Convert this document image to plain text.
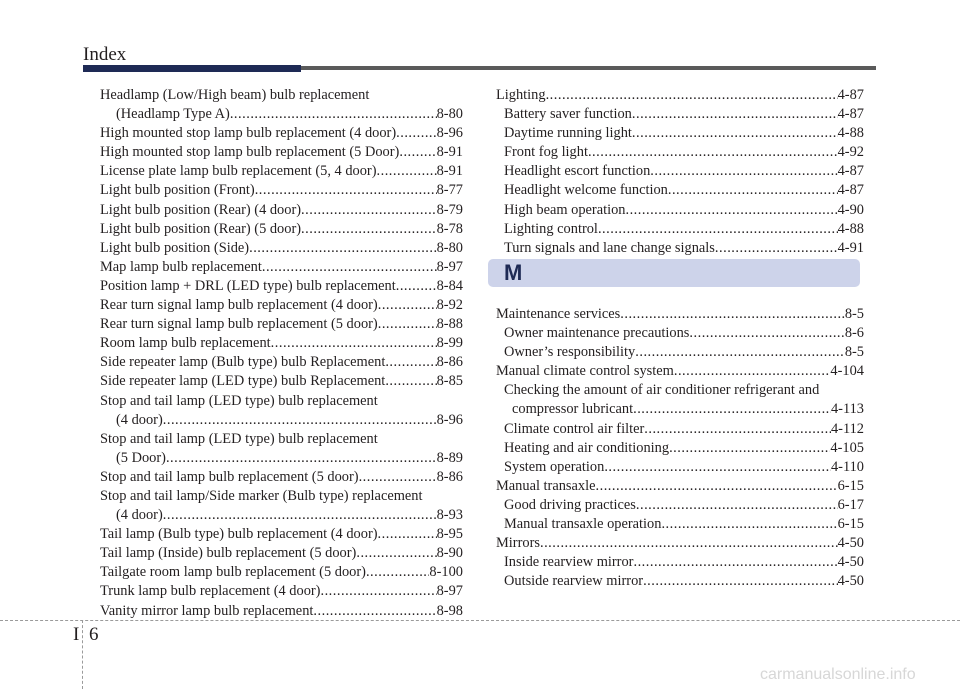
Index
Headlamp (Low/High beam) bulb replacement
(Headlamp Type A) .....	8-80
High mounted stop lamp bulb replacement (4 door) .....	8-96
High mounted stop lamp bulb replacement (5 Door) .....	8-91
License plate lamp bulb replacement (5, 4 door) .....	8-91
Light bulb position (Front) .....	8-77
Light bulb position (Rear) (4 door) .....	8-79
Light bulb position (Rear) (5 door) .....	8-78
Light bulb position (Side) .....	8-80
Map lamp bulb replacement .....	8-97
Position lamp + DRL (LED type) bulb replacement .....	8-84
Rear turn signal lamp bulb replacement (4 door) .....	8-92
Rear turn signal lamp bulb replacement (5 door) .....	8-88
Room lamp bulb replacement .....	8-99
Side repeater lamp (Bulb type) bulb Replacement .....	8-86
Side repeater lamp (LED type) bulb Replacement .....	8-85
Stop and tail lamp (LED type) bulb replacement
(4 door) .....	8-96
Stop and tail lamp (LED type) bulb replacement
(5 Door) .....	8-89
Stop and tail lamp bulb replacement (5 door) .....	8-86
Stop and tail lamp/Side marker (Bulb type) replacement
(4 door) .....	8-93
Tail lamp (Bulb type) bulb replacement (4 door) .....	8-95
Tail lamp (Inside) bulb replacement (5 door) .....	8-90
Tailgate room lamp bulb replacement (5 door) .....	8-100
Trunk lamp bulb replacement (4 door) .....	8-97
Vanity mirror lamp bulb replacement .....	8-98
Lighting .....	4-87
Battery saver function .....	4-87
Daytime running light .....	4-88
Front fog light .....	4-92
Headlight escort function .....	4-87
Headlight welcome function .....	4-87
High beam operation .....	4-90
Lighting control .....	4-88
Turn signals and lane change signals .....	4-91
M
Maintenance services .....	8-5
Owner maintenance precautions .....	8-6
Owner’s responsibility .....	8-5
Manual climate control system .....	4-104
Checking the amount of air conditioner refrigerant and
compressor lubricant .....	4-113
Climate control air filter .....	4-112
Heating and air conditioning .....	4-105
System operation .....	4-110
Manual transaxle .....	6-15
Good driving practices .....	6-17
Manual transaxle operation .....	6-15
Mirrors .....	4-50
Inside rearview mirror .....	4-50
Outside rearview mirror .....	4-50
I 6
carmanualsonline.info
